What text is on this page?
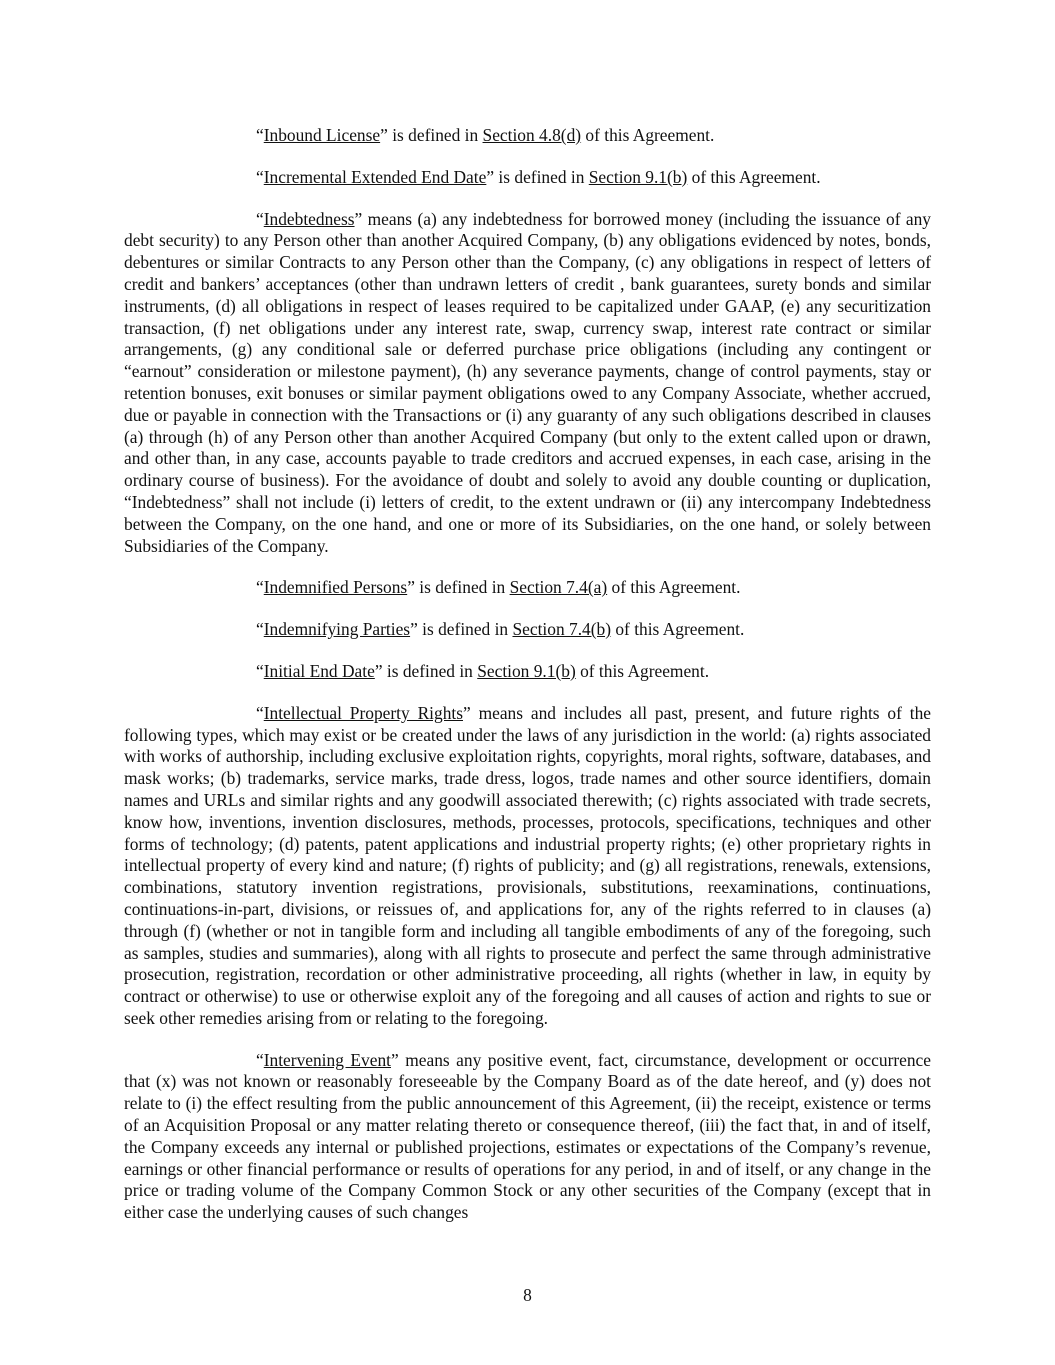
“Inbound License” is defined in Section 4.8(d) of this Agreement.

“Incremental Extended End Date” is defined in Section 9.1(b) of this Agreement.

“Indebtedness” means (a) any indebtedness for borrowed money (including the issuance of any debt security) to any Person other than another Acquired Company, (b) any obligations evidenced by notes, bonds, debentures or similar Contracts to any Person other than the Company, (c) any obligations in respect of letters of credit and bankers’ acceptances (other than undrawn letters of credit , bank guarantees, surety bonds and similar instruments, (d) all obligations in respect of leases required to be capitalized under GAAP, (e) any securitization transaction, (f) net obligations under any interest rate, swap, currency swap, interest rate contract or similar arrangements, (g) any conditional sale or deferred purchase price obligations (including any contingent or “earnout” consideration or milestone payment), (h) any severance payments, change of control payments, stay or retention bonuses, exit bonuses or similar payment obligations owed to any Company Associate, whether accrued, due or payable in connection with the Transactions or (i) any guaranty of any such obligations described in clauses (a) through (h) of any Person other than another Acquired Company (but only to the extent called upon or drawn, and other than, in any case, accounts payable to trade creditors and accrued expenses, in each case, arising in the ordinary course of business). For the avoidance of doubt and solely to avoid any double counting or duplication, “Indebtedness” shall not include (i) letters of credit, to the extent undrawn or (ii) any intercompany Indebtedness between the Company, on the one hand, and one or more of its Subsidiaries, on the one hand, or solely between Subsidiaries of the Company.

“Indemnified Persons” is defined in Section 7.4(a) of this Agreement.

“Indemnifying Parties” is defined in Section 7.4(b) of this Agreement.

“Initial End Date” is defined in Section 9.1(b) of this Agreement.

“Intellectual Property Rights” means and includes all past, present, and future rights of the following types, which may exist or be created under the laws of any jurisdiction in the world: (a) rights associated with works of authorship, including exclusive exploitation rights, copyrights, moral rights, software, databases, and mask works; (b) trademarks, service marks, trade dress, logos, trade names and other source identifiers, domain names and URLs and similar rights and any goodwill associated therewith; (c) rights associated with trade secrets, know how, inventions, invention disclosures, methods, processes, protocols, specifications, techniques and other forms of technology; (d) patents, patent applications and industrial property rights; (e) other proprietary rights in intellectual property of every kind and nature; (f) rights of publicity; and (g) all registrations, renewals, extensions, combinations, statutory invention registrations, provisionals, substitutions, reexaminations, continuations, continuations-in-part, divisions, or reissues of, and applications for, any of the rights referred to in clauses (a) through (f) (whether or not in tangible form and including all tangible embodiments of any of the foregoing, such as samples, studies and summaries), along with all rights to prosecute and perfect the same through administrative prosecution, registration, recordation or other administrative proceeding, all rights (whether in law, in equity by contract or otherwise) to use or otherwise exploit any of the foregoing and all causes of action and rights to sue or seek other remedies arising from or relating to the foregoing.

“Intervening Event” means any positive event, fact, circumstance, development or occurrence that (x) was not known or reasonably foreseeable by the Company Board as of the date hereof, and (y) does not relate to (i) the effect resulting from the public announcement of this Agreement, (ii) the receipt, existence or terms of an Acquisition Proposal or any matter relating thereto or consequence thereof, (iii) the fact that, in and of itself, the Company exceeds any internal or published projections, estimates or expectations of the Company’s revenue, earnings or other financial performance or results of operations for any period, in and of itself, or any change in the price or trading volume of the Company Common Stock or any other securities of the Company (except that in either case the underlying causes of such changes

8
